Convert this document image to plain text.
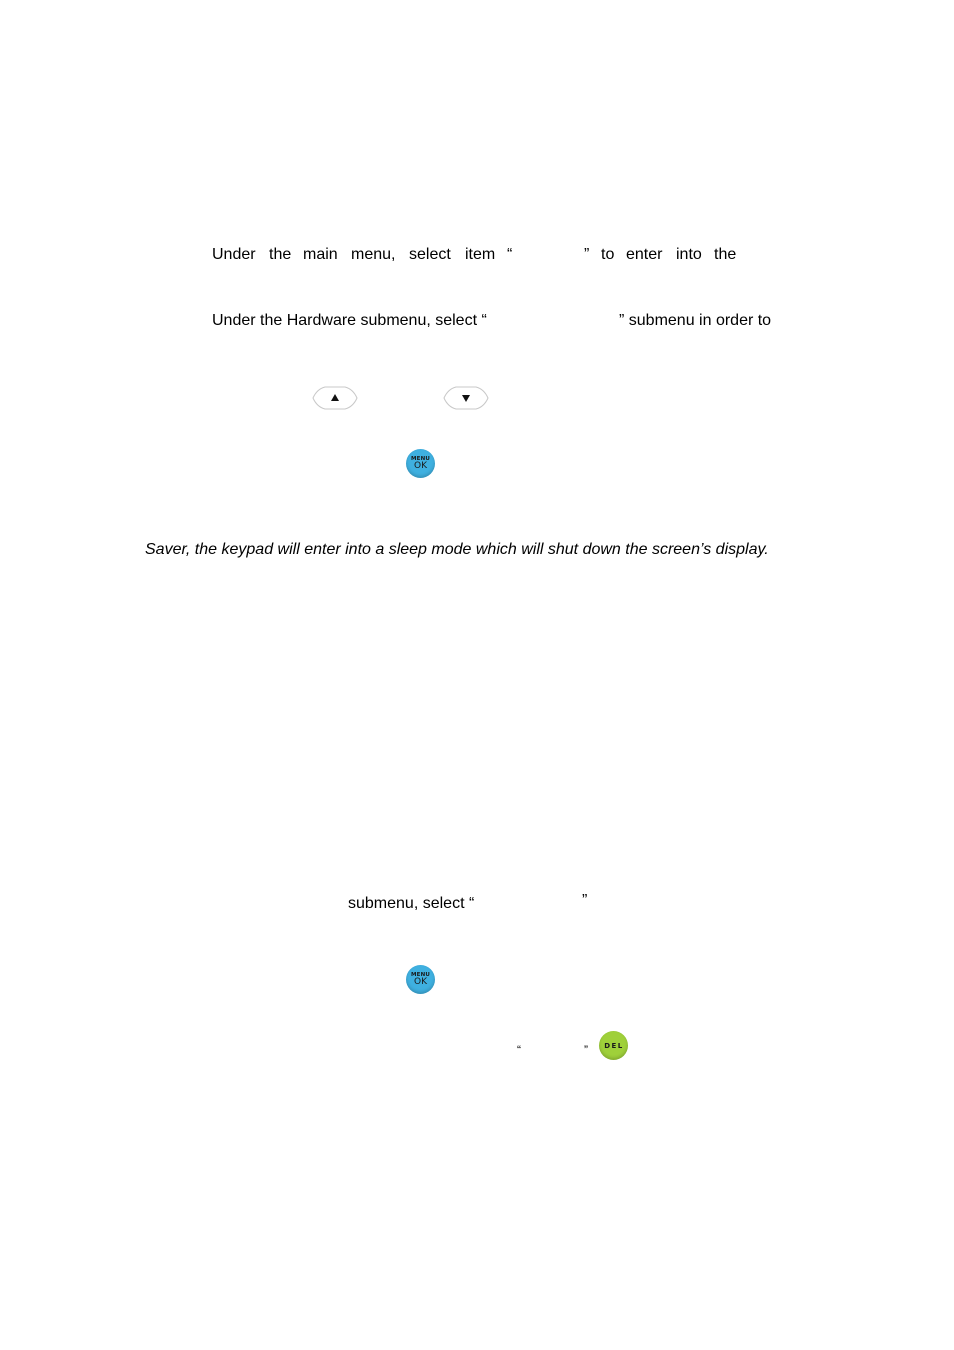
Under the main menu, select item “	” to enter into the
Under the Hardware submenu, select “	” submenu in order to
MENU
OK
Saver, the keypad will enter into a sleep mode which will shut down the screen’s display.
submenu, select “	”
MENU
OK
“	” DEL
